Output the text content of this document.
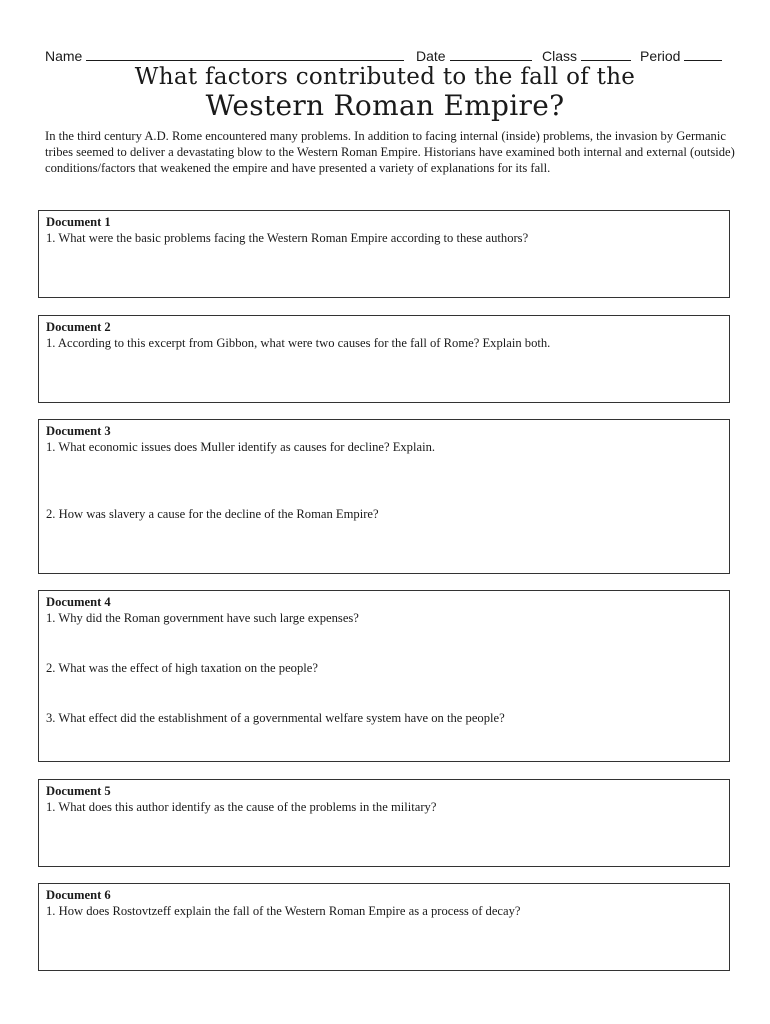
Name	Date	Class	Period
What factors contributed to the fall of the
Western Roman Empire?
In the third century A.D. Rome encountered many problems. In addition to facing internal (inside) problems, the invasion by Germanic tribes seemed to deliver a devastating blow to the Western Roman Empire. Historians have examined both internal and external (outside) conditions/factors that weakened the empire and have presented a variety of explanations for its fall.
Document 1
1. What were the basic problems facing the Western Roman Empire according to these authors?
Document 2
1. According to this excerpt from Gibbon, what were two causes for the fall of Rome? Explain both.
Document 3
1. What economic issues does Muller identify as causes for decline? Explain.
2. How was slavery a cause for the decline of the Roman Empire?
Document 4
1. Why did the Roman government have such large expenses?
2. What was the effect of high taxation on the people?
3. What effect did the establishment of a governmental welfare system have on the people?
Document 5
1. What does this author identify as the cause of the problems in the military?
Document 6
1. How does Rostovtzeff explain the fall of the Western Roman Empire as a process of decay?
